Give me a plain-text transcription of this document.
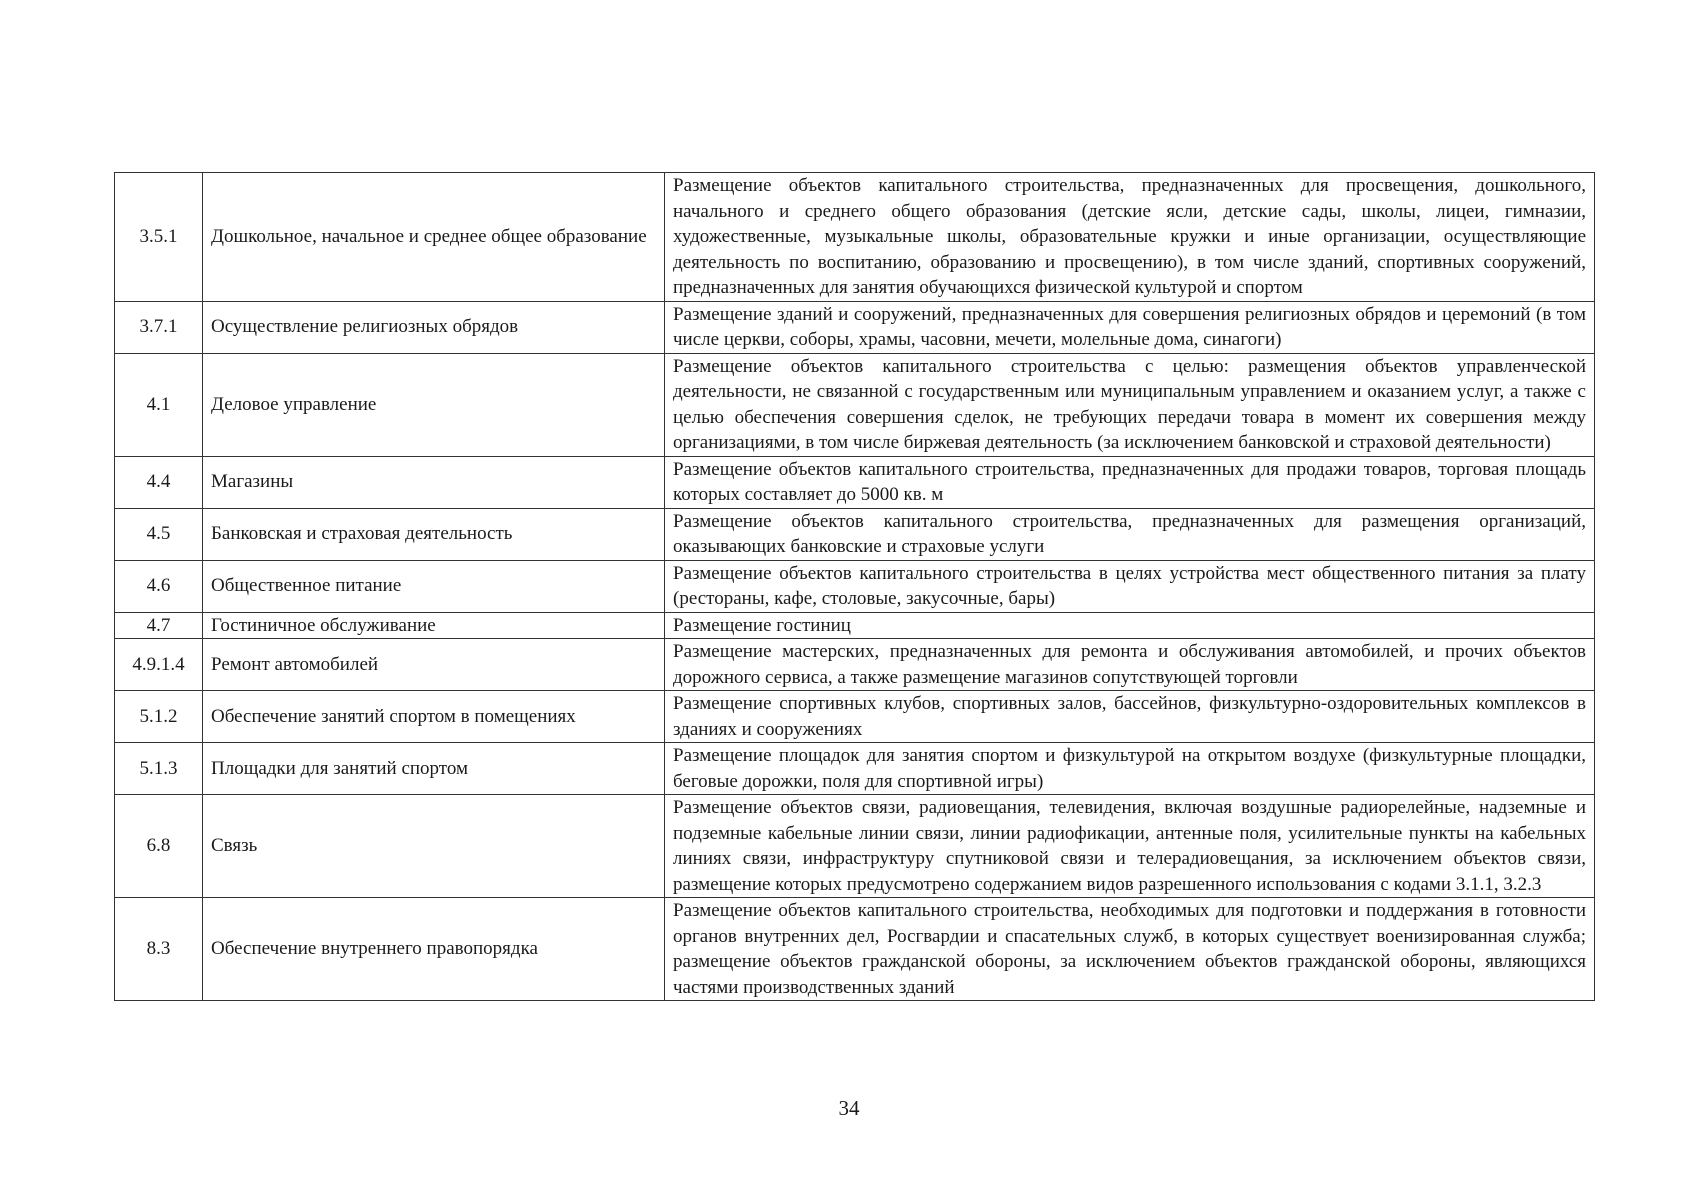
3.5.1	Дошкольное, начальное и среднее общее образование	Размещение объектов капитального строительства, предназначенных для просвещения, дошкольного, начального и среднего общего образования (детские ясли, детские сады, школы, лицеи, гимназии, художественные, музыкальные школы, образовательные кружки и иные организации, осуществляющие деятельность по воспитанию, образованию и просвещению), в том числе зданий, спортивных сооружений, предназначенных для занятия обучающихся физической культурой и спортом
3.7.1	Осуществление религиозных обрядов	Размещение зданий и сооружений, предназначенных для совершения религиозных обрядов и церемоний (в том числе церкви, соборы, храмы, часовни, мечети, молельные дома, синагоги)
4.1	Деловое управление	Размещение объектов капитального строительства с целью: размещения объектов управленческой деятельности, не связанной с государственным или муниципальным управлением и оказанием услуг, а также с целью обеспечения совершения сделок, не требующих передачи товара в момент их совершения между организациями, в том числе биржевая деятельность (за исключением банковской и страховой деятельности)
4.4	Магазины	Размещение объектов капитального строительства, предназначенных для продажи товаров, торговая площадь которых составляет до 5000 кв. м
4.5	Банковская и страховая деятельность	Размещение объектов капитального строительства, предназначенных для размещения организаций, оказывающих банковские и страховые услуги
4.6	Общественное питание	Размещение объектов капитального строительства в целях устройства мест общественного питания за плату (рестораны, кафе, столовые, закусочные, бары)
4.7	Гостиничное обслуживание	Размещение гостиниц
4.9.1.4	Ремонт автомобилей	Размещение мастерских, предназначенных для ремонта и обслуживания автомобилей, и прочих объектов дорожного сервиса, а также размещение магазинов сопутствующей торговли
5.1.2	Обеспечение занятий спортом в помещениях	Размещение спортивных клубов, спортивных залов, бассейнов, физкультурно-оздоровительных комплексов в зданиях и сооружениях
5.1.3	Площадки для занятий спортом	Размещение площадок для занятия спортом и физкультурой на открытом воздухе (физкультурные площадки, беговые дорожки, поля для спортивной игры)
6.8	Связь	Размещение объектов связи, радиовещания, телевидения, включая воздушные радиорелейные, надземные и подземные кабельные линии связи, линии радиофикации, антенные поля, усилительные пункты на кабельных линиях связи, инфраструктуру спутниковой связи и телерадиовещания, за исключением объектов связи, размещение которых предусмотрено содержанием видов разрешенного использования с кодами 3.1.1, 3.2.3
8.3	Обеспечение внутреннего правопорядка	Размещение объектов капитального строительства, необходимых для подготовки и поддержания в готовности органов внутренних дел, Росгвардии и спасательных служб, в которых существует военизированная служба; размещение объектов гражданской обороны, за исключением объектов гражданской обороны, являющихся частями производственных зданий
34
